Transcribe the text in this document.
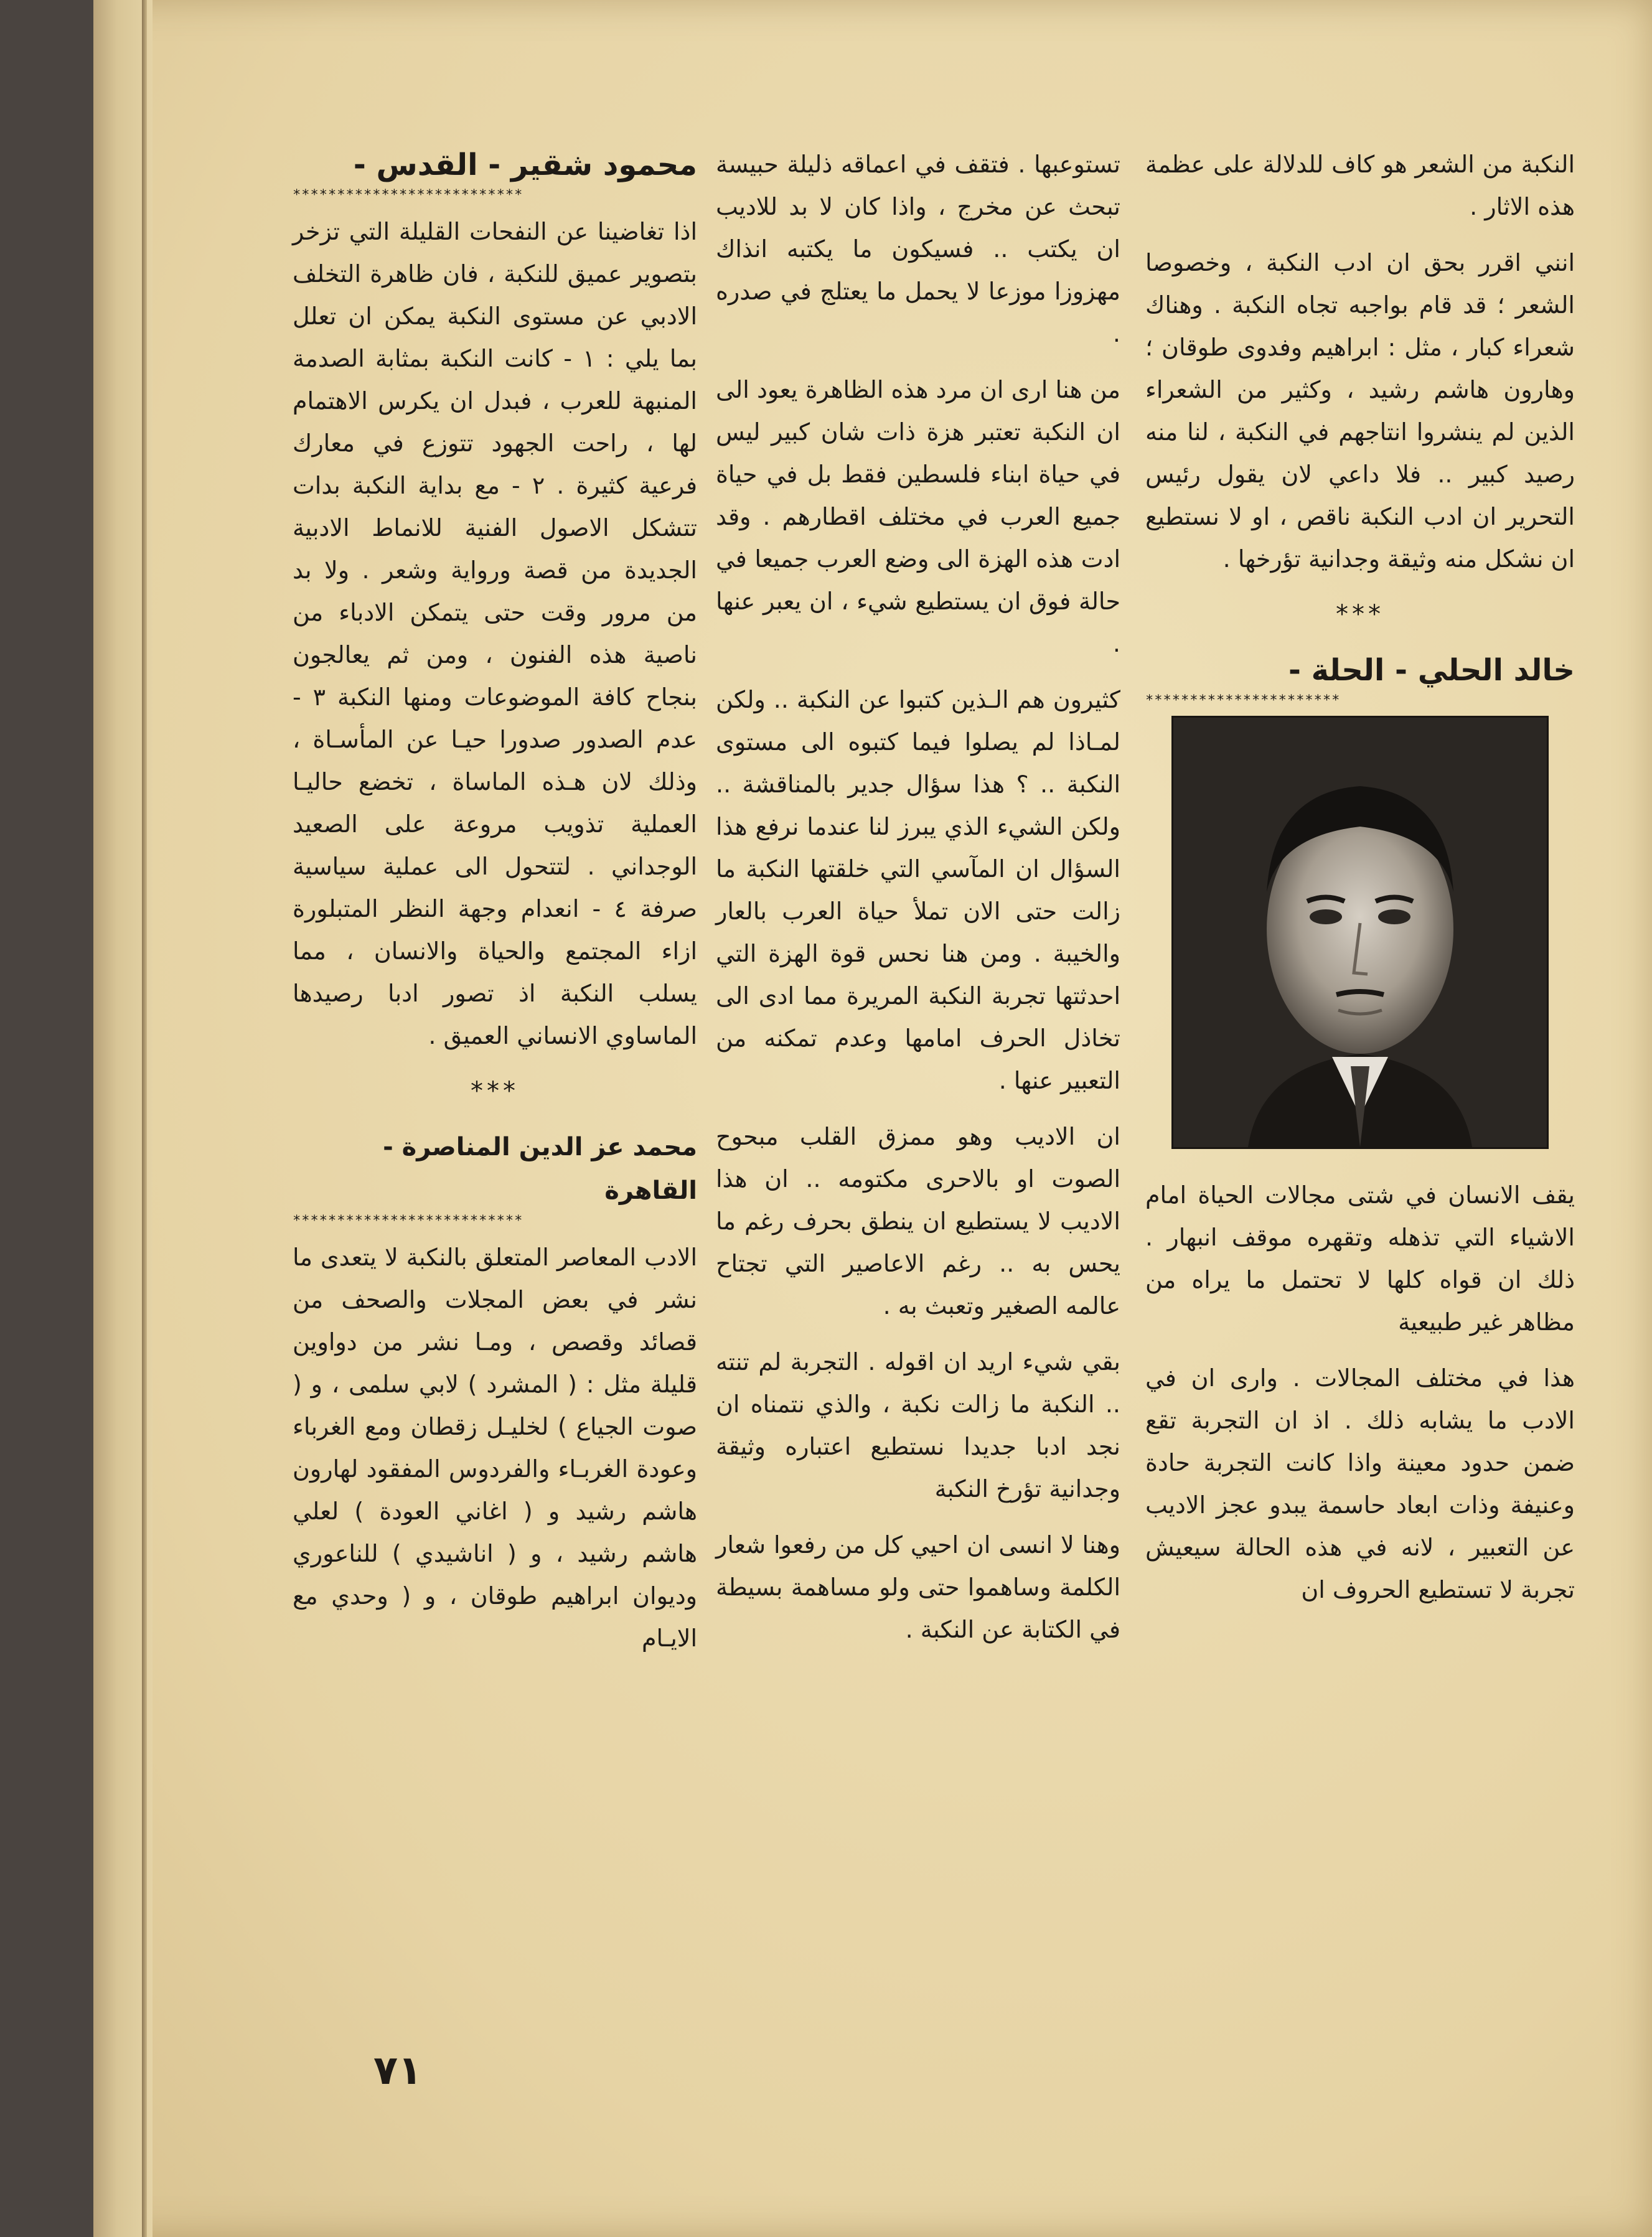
النكبة من الشعر هو كاف للدلالة على عظمة هذه الاثار .

انني اقرر بحق ان ادب النكبة ، وخصوصا الشعر ؛ قد قام بواجبه تجاه النكبة . وهناك شعراء كبار ، مثل : ابراهيم وفدوى طوقان ؛ وهارون هاشم رشيد ، وكثير من الشعراء الذين لم ينشروا انتاجهم في النكبة ، لنا منه رصيد كبير .. فلا داعي لان يقول رئيس التحرير ان ادب النكبة ناقص ، او لا نستطيع ان نشكل منه وثيقة وجدانية تؤرخها .

***
خالد الحلي - الحلة -
**********************

يقف الانسان في شتى مجالات الحياة امام الاشياء التي تذهله وتقهره موقف انبهار . ذلك ان قواه كلها لا تحتمل ما يراه من مظاهر غير طبيعية

هذا في مختلف المجالات . وارى ان في الادب ما يشابه ذلك . اذ ان التجربة تقع ضمن حدود معينة واذا كانت التجربة حادة وعنيفة وذات ابعاد حاسمة يبدو عجز الاديب عن التعبير ، لانه في هذه الحالة سيعيش تجربة لا تستطيع الحروف ان

تستوعبها . فتقف في اعماقه ذليلة حبيسة تبحث عن مخرج ، واذا كان لا بد للاديب ان يكتب .. فسيكون ما يكتبه انذاك مهزوزا موزعا لا يحمل ما يعتلج في صدره .

من هنا ارى ان مرد هذه الظاهرة يعود الى ان النكبة تعتبر هزة ذات شان كبير ليس في حياة ابناء فلسطين فقط بل في حياة جميع العرب في مختلف اقطارهم . وقد ادت هذه الهزة الى وضع العرب جميعا في حالة فوق ان يستطيع شيء ، ان يعبر عنها .

كثيرون هم الـذين كتبوا عن النكبة .. ولكن لمـاذا لم يصلوا فيما كتبوه الى مستوى النكبة .. ؟ هذا سؤال جدير بالمناقشة .. ولكن الشيء الذي يبرز لنا عندما نرفع هذا السؤال ان المآسي التي خلقتها النكبة ما زالت حتى الان تملأ حياة العرب بالعار والخيبة . ومن هنا نحس قوة الهزة التي احدثتها تجربة النكبة المريرة مما ادى الى تخاذل الحرف امامها وعدم تمكنه من التعبير عنها .

ان الاديب وهو ممزق القلب مبحوح الصوت او بالاحرى مكتومه .. ان هذا الاديب لا يستطيع ان ينطق بحرف رغم ما يحس به .. رغم الاعاصير التي تجتاح عالمه الصغير وتعبث به .

بقي شيء اريد ان اقوله . التجربة لم تنته .. النكبة ما زالت نكبة ، والذي نتمناه ان نجد ادبا جديدا نستطيع اعتباره وثيقة وجدانية تؤرخ النكبة

وهنا لا انسى ان احيي كل من رفعوا شعار الكلمة وساهموا حتى ولو مساهمة بسيطة في الكتابة عن النكبة .

محمود شقير - القدس -
**************************

اذا تغاضينا عن النفحات القليلة التي تزخر بتصوير عميق للنكبة ، فان ظاهرة التخلف الادبي عن مستوى النكبة يمكن ان تعلل بما يلي : ١ - كانت النكبة بمثابة الصدمة المنبهة للعرب ، فبدل ان يكرس الاهتمام لها ، راحت الجهود تتوزع في معارك فرعية كثيرة . ٢ - مع بداية النكبة بدات تتشكل الاصول الفنية للانماط الادبية الجديدة من قصة ورواية وشعر . ولا بد من مرور وقت حتى يتمكن الادباء من ناصية هذه الفنون ، ومن ثم يعالجون بنجاح كافة الموضوعات ومنها النكبة ٣ - عدم الصدور صدورا حيـا عن المأسـاة ، وذلك لان هـذه الماساة ، تخضع حاليـا العملية تذويب مروعة على الصعيد الوجداني . لتتحول الى عملية سياسية صرفة ٤ - انعدام وجهة النظر المتبلورة ازاء المجتمع والحياة والانسان ، مما يسلب النكبة اذ تصور ادبا رصيدها الماساوي الانساني العميق .

***
محمد عز الدين المناصرة - القاهرة
**************************

الادب المعاصر المتعلق بالنكبة لا يتعدى ما نشر في بعض المجلات والصحف من قصائد وقصص ، ومـا نشر من دواوين قليلة مثل : ( المشرد ) لابي سلمى ، و ( صوت الجياع ) لخليـل زقطان ومع الغرباء وعودة الغربـاء والفردوس المفقود لهارون هاشم رشيد و ( اغاني العودة ) لعلي هاشم رشيد ، و ( اناشيدي ) للناعوري وديوان ابراهيم طوقان ، و ( وحدي مع الايـام

٧١
